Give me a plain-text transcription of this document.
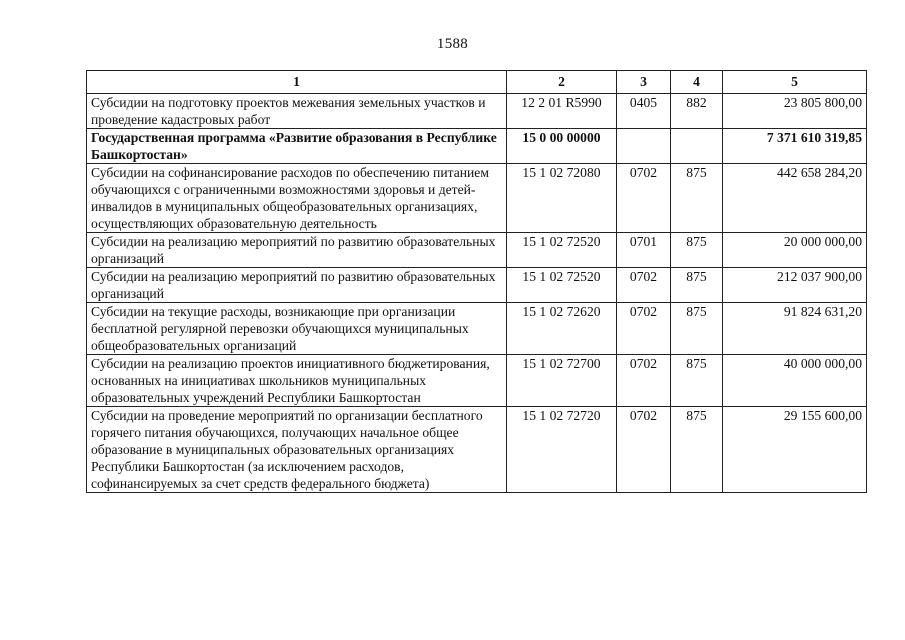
1588
1	2	3	4	5
Субсидии на подготовку проектов межевания земельных участков и проведение кадастровых работ	12 2 01 R5990	0405	882	23 805 800,00
Государственная программа «Развитие образования в Республике Башкортостан»	15 0 00 00000			7 371 610 319,85
Субсидии на софинансирование расходов по обеспечению питанием обучающихся с ограниченными возможностями здоровья и детей-инвалидов в муниципальных общеобразовательных организациях, осуществляющих образовательную деятельность	15 1 02 72080	0702	875	442 658 284,20
Субсидии на реализацию мероприятий по развитию образовательных организаций	15 1 02 72520	0701	875	20 000 000,00
Субсидии на реализацию мероприятий по развитию образовательных организаций	15 1 02 72520	0702	875	212 037 900,00
Субсидии на текущие расходы, возникающие при организации бесплатной регулярной перевозки обучающихся муниципальных общеобразовательных организаций	15 1 02 72620	0702	875	91 824 631,20
Субсидии на реализацию проектов инициативного бюджетирования, основанных на инициативах школьников муниципальных образовательных учреждений Республики Башкортостан	15 1 02 72700	0702	875	40 000 000,00
Субсидии на проведение мероприятий по организации бесплатного горячего питания обучающихся, получающих начальное общее образование в муниципальных образовательных организациях Республики Башкортостан (за исключением расходов, софинансируемых за счет средств федерального бюджета)	15 1 02 72720	0702	875	29 155 600,00
